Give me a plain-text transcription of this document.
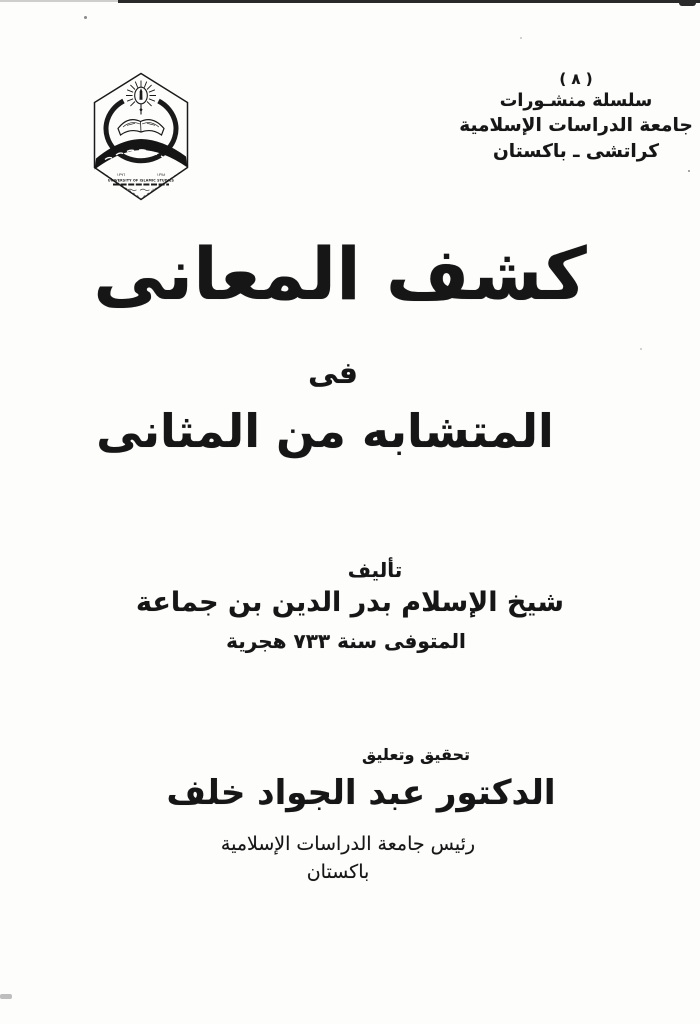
١٣٩٦	١٣٧٨
UNIVERSITY OF ISLAMIC STUDIES
( ٨ )
سلسلة منشـورات
جامعة الدراسات الإسلامية
كراتشى ـ باكستان
كشف المعانى
فى
المتشابه من المثانى
تأليف
شيخ الإسلام بدر الدين بن جماعة
المتوفى سنة ٧٣٣ هجرية
تحقيق وتعليق
الدكتور عبد الجواد خلف
رئيس جامعة الدراسات الإسلامية
باكستان
